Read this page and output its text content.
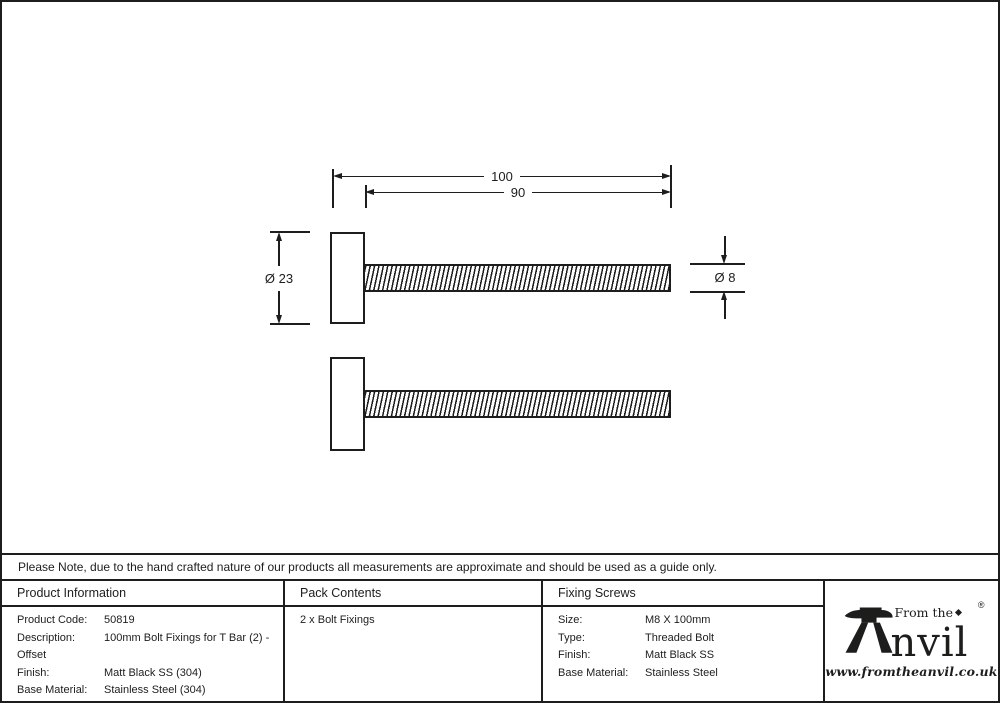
100
90
Ø 23	Ø 8
Please Note, due to the hand crafted nature of our products all measurements are approximate and should be used as a guide only.
Product Information
Product Code: 50819
Description:	100mm Bolt Fixings for T Bar (2) -
Offset
Finish:	Matt Black SS (304)
Base Material: Stainless Steel (304)
Pack Contents
2 x Bolt Fixings
Fixing Screws
Size:	M8 X 100mm
Type:	Threaded Bolt
Finish:	Matt Black SS
Base Material: Stainless Steel
nvil
From the	®
www.fromtheanvil.co.uk
